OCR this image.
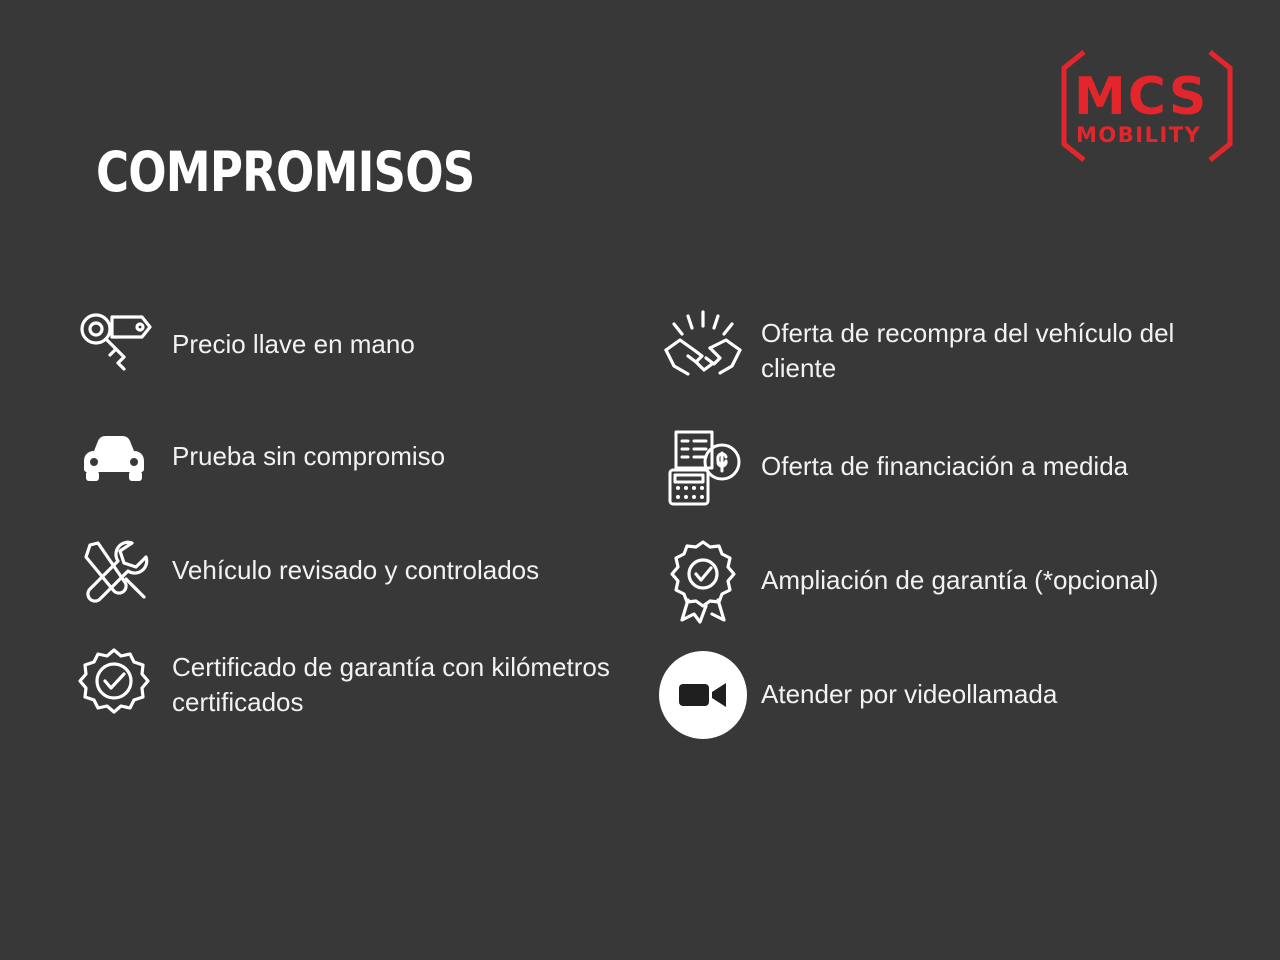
MCS
MOBILITY
COMPROMISOS
Precio llave en mano
Prueba sin compromiso
Vehículo revisado y controlados
Certificado de garantía con kilómetros certificados
Oferta de recompra del vehículo del cliente
Oferta de financiación a medida
Ampliación de garantía (*opcional)
Atender por videollamada
